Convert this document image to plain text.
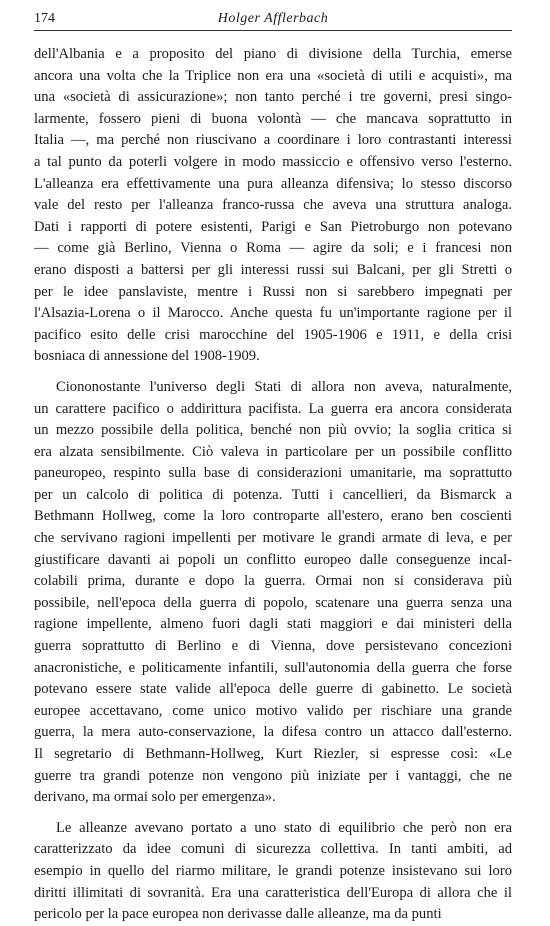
174	Holger Afflerbach
dell'Albania e a proposito del piano di divisione della Turchia, emerse
ancora una volta che la Triplice non era una «società di utili e acquisti», ma
una «società di assicurazione»; non tanto perché i tre governi, presi singo-
larmente, fossero pieni di buona volontà — che mancava soprattutto in
Italia —, ma perché non riuscivano a coordinare i loro contrastanti interessi
a tal punto da poterli volgere in modo massiccio e offensivo verso l'esterno.
L'alleanza era effettivamente una pura alleanza difensiva; lo stesso discorso
vale del resto per l'alleanza franco-russa che aveva una struttura analoga.
Dati i rapporti di potere esistenti, Parigi e San Pietroburgo non potevano
— come già Berlino, Vienna o Roma — agire da soli; e i francesi non
erano disposti a battersi per gli interessi russi sui Balcani, per gli Stretti o
per le idee panslaviste, mentre i Russi non si sarebbero impegnati per
l'Alsazia-Lorena o il Marocco. Anche questa fu un'importante ragione per il
pacifico esito delle crisi marocchine del 1905-1906 e 1911, e della crisi
bosniaca di annessione del 1908-1909.
Ciononostante l'universo degli Stati di allora non aveva, naturalmente,
un carattere pacifico o addirittura pacifista. La guerra era ancora considerata
un mezzo possibile della politica, benché non più ovvio; la soglia critica si
era alzata sensibilmente. Ciò valeva in particolare per un possibile conflitto
paneuropeo, respinto sulla base di considerazioni umanitarie, ma soprattutto
per un calcolo di politica di potenza. Tutti i cancellieri, da Bismarck a
Bethmann Hollweg, come la loro controparte all'estero, erano ben coscienti
che servivano ragioni impellenti per motivare le grandi armate di leva, e per
giustificare davanti ai popoli un conflitto europeo dalle conseguenze incal-
colabili prima, durante e dopo la guerra. Ormai non si considerava più
possibile, nell'epoca della guerra di popolo, scatenare una guerra senza una
ragione impellente, almeno fuori dagli stati maggiori e dai ministeri della
guerra soprattutto di Berlino e di Vienna, dove persistevano concezioni
anacronistiche, e politicamente infantili, sull'autonomia della guerra che forse
potevano essere state valide all'epoca delle guerre di gabinetto. Le società
europee accettavano, come unico motivo valido per rischiare una grande
guerra, la mera auto-conservazione, la difesa contro un attacco dall'esterno.
Il segretario di Bethmann-Hollweg, Kurt Riezler, si espresse così: «Le
guerre tra grandi potenze non vengono più iniziate per i vantaggi, che ne
derivano, ma ormai solo per emergenza».
Le alleanze avevano portato a uno stato di equilibrio che però non era
caratterizzato da idee comuni di sicurezza collettiva. In tanti ambiti, ad
esempio in quello del riarmo militare, le grandi potenze insistevano sui loro
diritti illimitati di sovranità. Era una caratteristica dell'Europa di allora che il
pericolo per la pace europea non derivasse dalle alleanze, ma da punti
